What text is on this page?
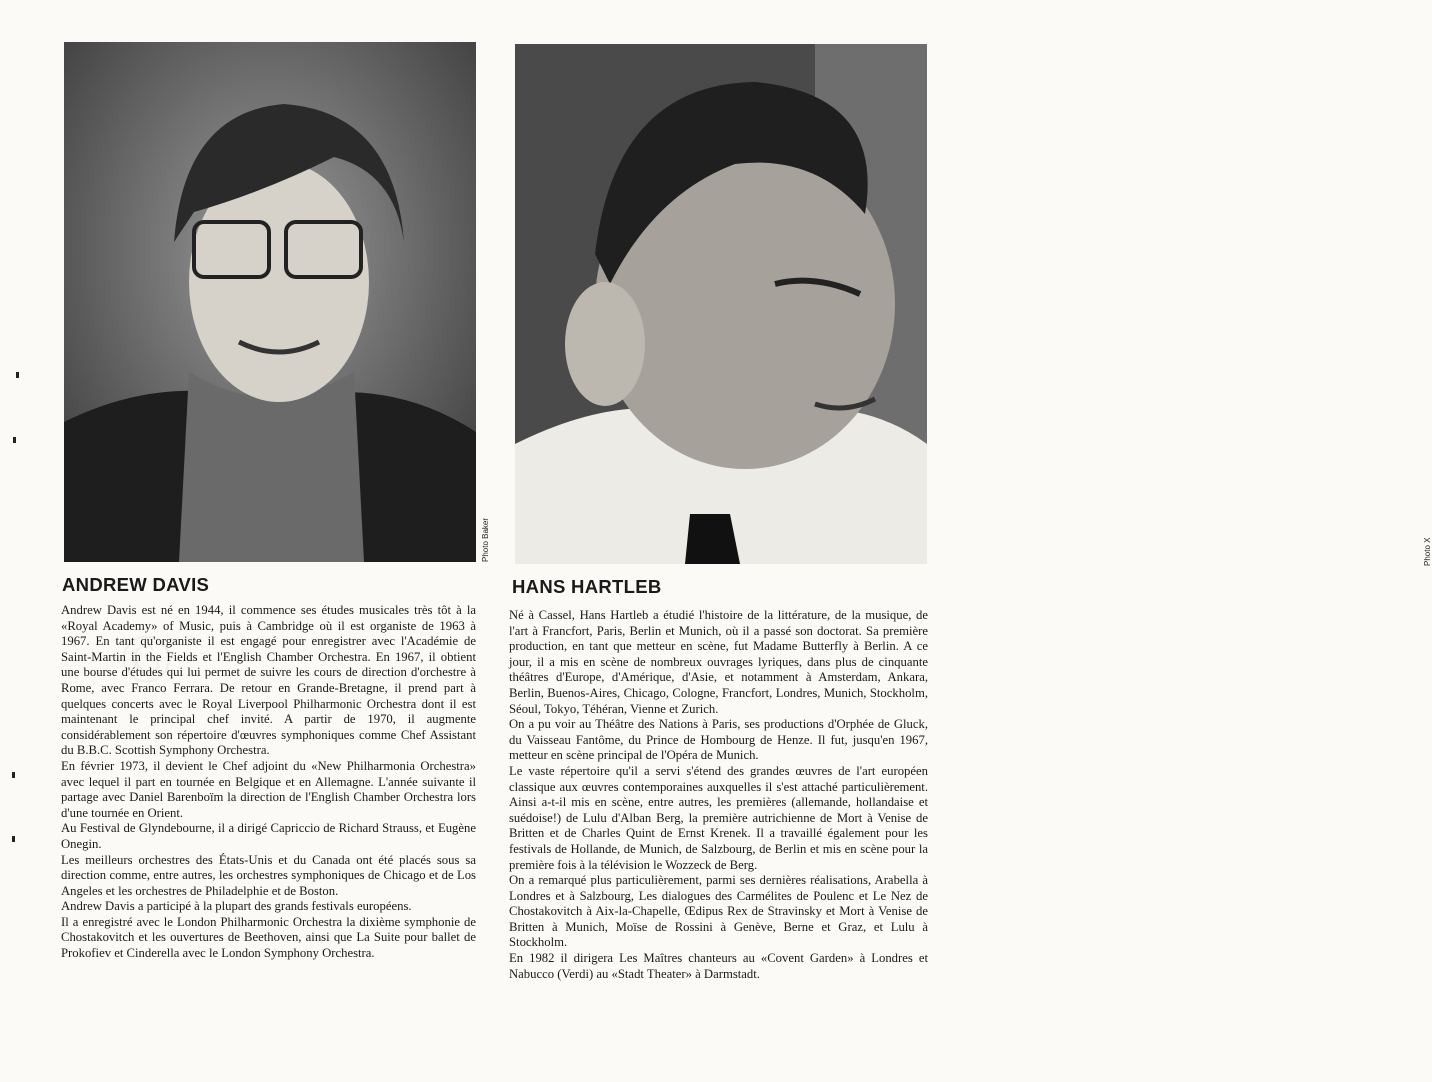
Photo Baker
ANDREW DAVIS

Andrew Davis est né en 1944, il commence ses études musicales très tôt à la «Royal Academy» of Music, puis à Cambridge où il est organiste de 1963 à 1967. En tant qu'organiste il est engagé pour enregistrer avec l'Académie de Saint-Martin in the Fields et l'English Chamber Orchestra. En 1967, il obtient une bourse d'études qui lui permet de suivre les cours de direction d'orchestre à Rome, avec Franco Ferrara. De retour en Grande-Bretagne, il prend part à quelques concerts avec le Royal Liverpool Philharmonic Orchestra dont il est maintenant le principal chef invité. A partir de 1970, il augmente considérablement son répertoire d'œuvres symphoniques comme Chef Assistant du B.B.C. Scottish Symphony Orchestra.

En février 1973, il devient le Chef adjoint du «New Philharmonia Orchestra» avec lequel il part en tournée en Belgique et en Allemagne. L'année suivante il partage avec Daniel Barenboïm la direction de l'English Chamber Orchestra lors d'une tournée en Orient.

Au Festival de Glyndebourne, il a dirigé Capriccio de Richard Strauss, et Eugène Onegin.

Les meilleurs orchestres des États-Unis et du Canada ont été placés sous sa direction comme, entre autres, les orchestres symphoniques de Chicago et de Los Angeles et les orchestres de Philadelphie et de Boston.

Andrew Davis a participé à la plupart des grands festivals européens.

Il a enregistré avec le London Philharmonic Orchestra la dixième symphonie de Chostakovitch et les ouvertures de Beethoven, ainsi que La Suite pour ballet de Prokofiev et Cinderella avec le London Symphony Orchestra.

Photo X
HANS HARTLEB

Né à Cassel, Hans Hartleb a étudié l'histoire de la littérature, de la musique, de l'art à Francfort, Paris, Berlin et Munich, où il a passé son doctorat. Sa première production, en tant que metteur en scène, fut Madame Butterfly à Berlin. A ce jour, il a mis en scène de nombreux ouvrages lyriques, dans plus de cinquante théâtres d'Europe, d'Amérique, d'Asie, et notamment à Amsterdam, Ankara, Berlin, Buenos-Aires, Chicago, Cologne, Francfort, Londres, Munich, Stockholm, Séoul, Tokyo, Téhéran, Vienne et Zurich.

On a pu voir au Théâtre des Nations à Paris, ses productions d'Orphée de Gluck, du Vaisseau Fantôme, du Prince de Hombourg de Henze. Il fut, jusqu'en 1967, metteur en scène principal de l'Opéra de Munich.

Le vaste répertoire qu'il a servi s'étend des grandes œuvres de l'art européen classique aux œuvres contemporaines auxquelles il s'est attaché particulièrement. Ainsi a-t-il mis en scène, entre autres, les premières (allemande, hollandaise et suédoise!) de Lulu d'Alban Berg, la première autrichienne de Mort à Venise de Britten et de Charles Quint de Ernst Krenek. Il a travaillé également pour les festivals de Hollande, de Munich, de Salzbourg, de Berlin et mis en scène pour la première fois à la télévision le Wozzeck de Berg.

On a remarqué plus particulièrement, parmi ses dernières réalisations, Arabella à Londres et à Salzbourg, Les dialogues des Carmélites de Poulenc et Le Nez de Chostakovitch à Aix-la-Chapelle, Œdipus Rex de Stravinsky et Mort à Venise de Britten à Munich, Moïse de Rossini à Genève, Berne et Graz, et Lulu à Stockholm.

En 1982 il dirigera Les Maîtres chanteurs au «Covent Garden» à Londres et Nabucco (Verdi) au «Stadt Theater» à Darmstadt.
